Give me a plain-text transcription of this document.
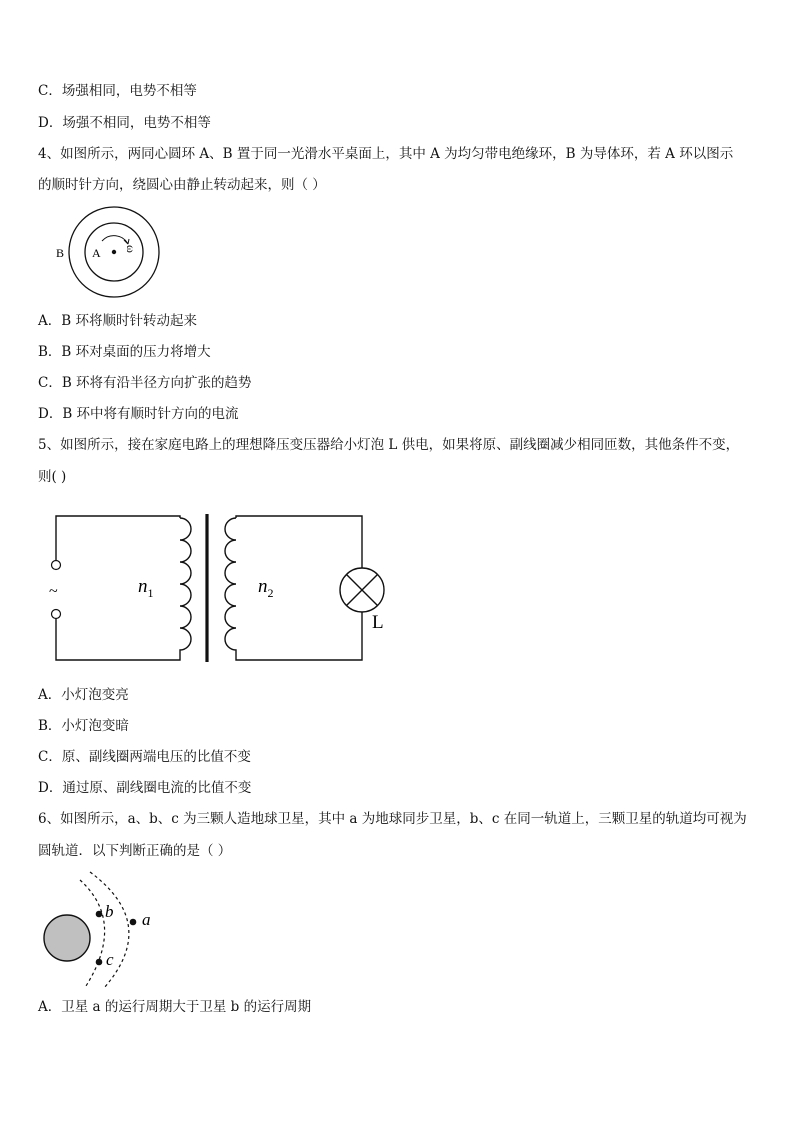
C．场强相同，电势不相等
D．场强不相同，电势不相等
4、如图所示，两同心圆环 A、B 置于同一光滑水平桌面上，其中 A 为均匀带电绝缘环，B 为导体环，若 A 环以图示
的顺时针方向，绕圆心由静止转动起来，则（ ）
B A ω
A．B 环将顺时针转动起来
B．B 环对桌面的压力将增大
C．B 环将有沿半径方向扩张的趋势
D．B 环中将有顺时针方向的电流
5、如图所示，接在家庭电路上的理想降压变压器给小灯泡 L 供电，如果将原、副线圈减少相同匝数，其他条件不变，
则( )
~	$n_1$	$n_2$
L
A．小灯泡变亮
B．小灯泡变暗
C．原、副线圈两端电压的比值不变
D．通过原、副线圈电流的比值不变
6、如图所示，a、b、c 为三颗人造地球卫星，其中 a 为地球同步卫星，b、c 在同一轨道上，三颗卫星的轨道均可视为
圆轨道．以下判断正确的是（ ）
b
c
a
A．卫星 a 的运行周期大于卫星 b 的运行周期
